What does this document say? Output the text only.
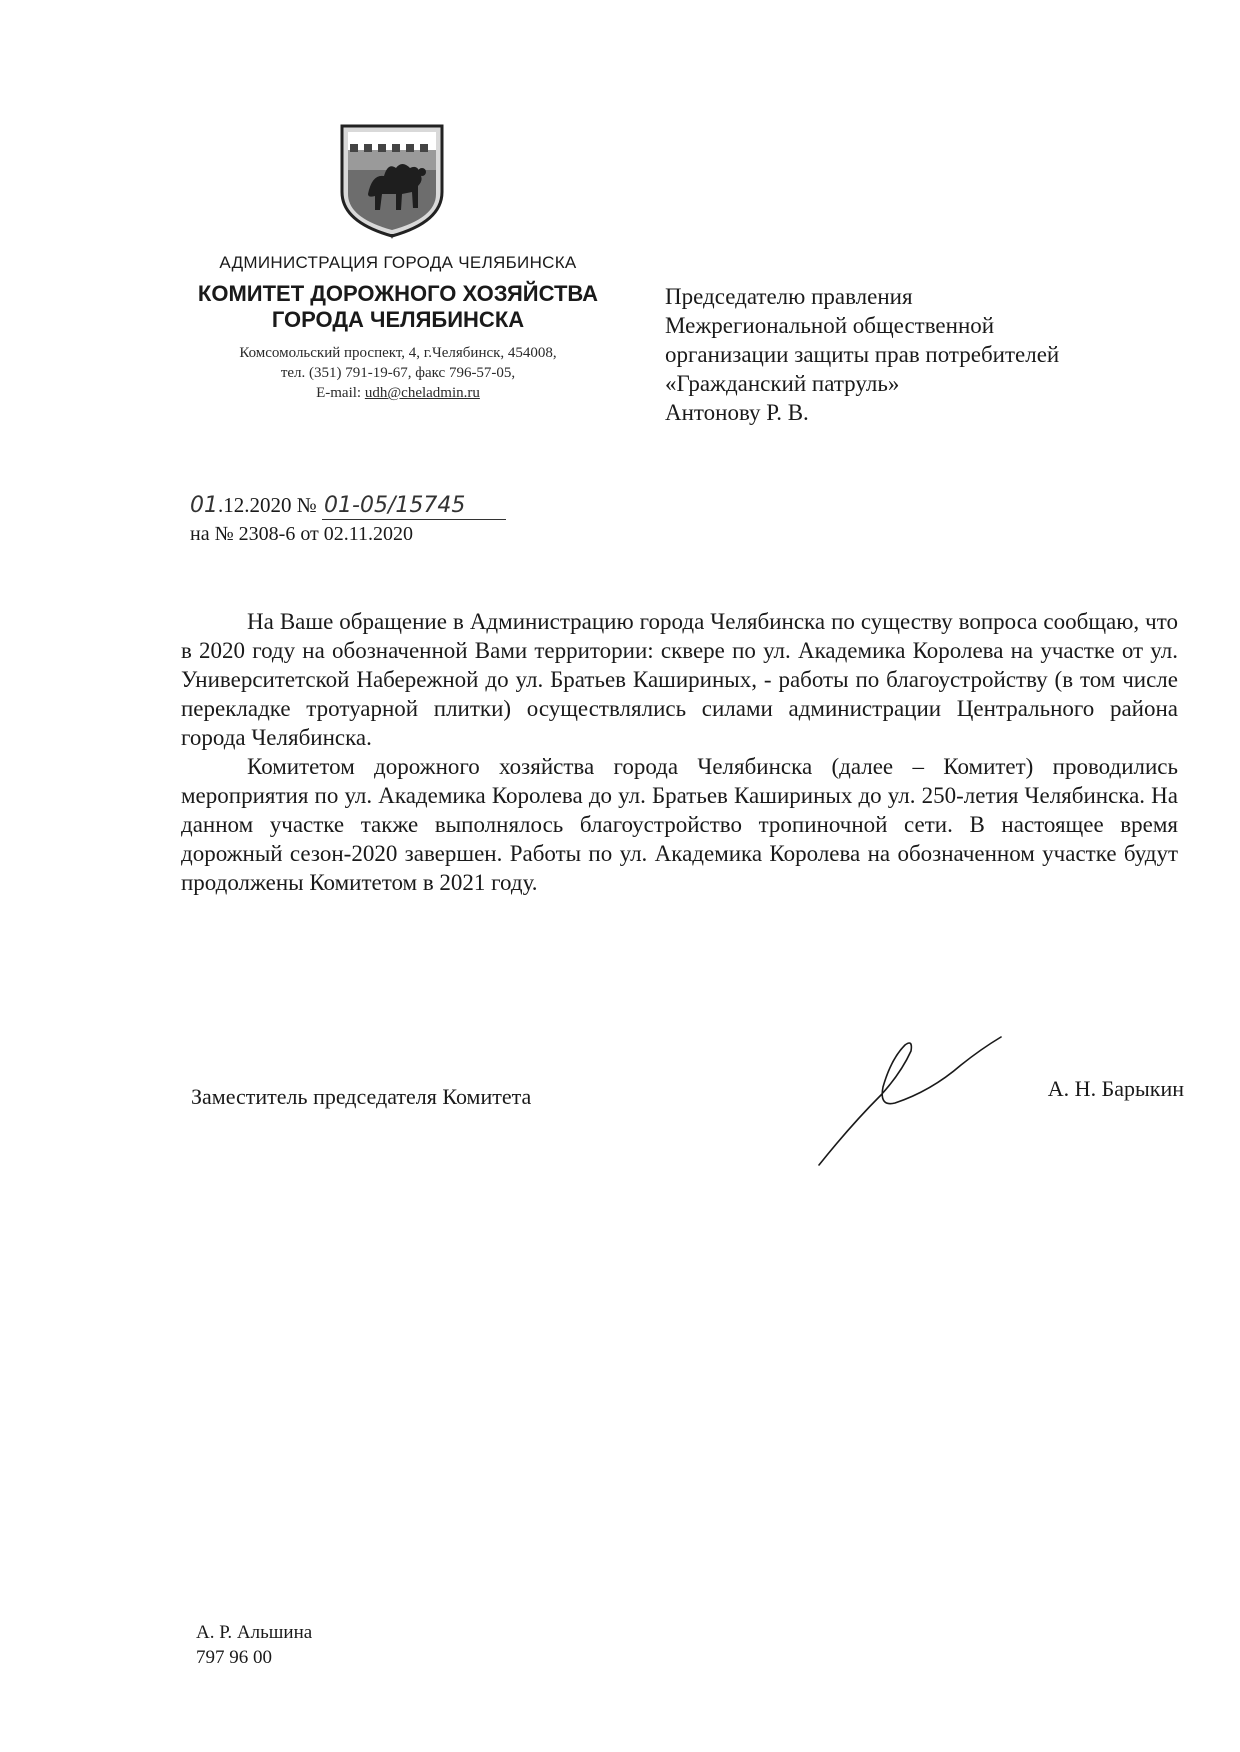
АДМИНИСТРАЦИЯ ГОРОДА ЧЕЛЯБИНСКА
КОМИТЕТ ДОРОЖНОГО ХОЗЯЙСТВА ГОРОДА ЧЕЛЯБИНСКА
Комсомольский проспект, 4, г.Челябинск, 454008,
тел. (351) 791-19-67, факс 796-57-05,
E-mail: udh@cheladmin.ru
Председателю правления
Межрегиональной общественной
организации защиты прав потребителей
«Гражданский патруль»
Антонову Р. В.
01.12.2020 № 01-05/15745
на № 2308-6 от 02.11.2020

На Ваше обращение в Администрацию города Челябинска по существу вопроса сообщаю, что в 2020 году на обозначенной Вами территории: сквере по ул. Академика Королева на участке от ул. Университетской Набережной до ул. Братьев Кашириных, - работы по благоустройству (в том числе перекладке тротуарной плитки) осуществлялись силами администрации Центрального района города Челябинска.

Комитетом дорожного хозяйства города Челябинска (далее – Комитет) проводились мероприятия по ул. Академика Королева до ул. Братьев Кашириных до ул. 250-летия Челябинска. На данном участке также выполнялось благоустройство тропиночной сети. В настоящее время дорожный сезон-2020 завершен. Работы по ул. Академика Королева на обозначенном участке будут продолжены Комитетом в 2021 году.

Заместитель председателя Комитета	А. Н. Барыкин
А. Р. Альшина
797 96 00
